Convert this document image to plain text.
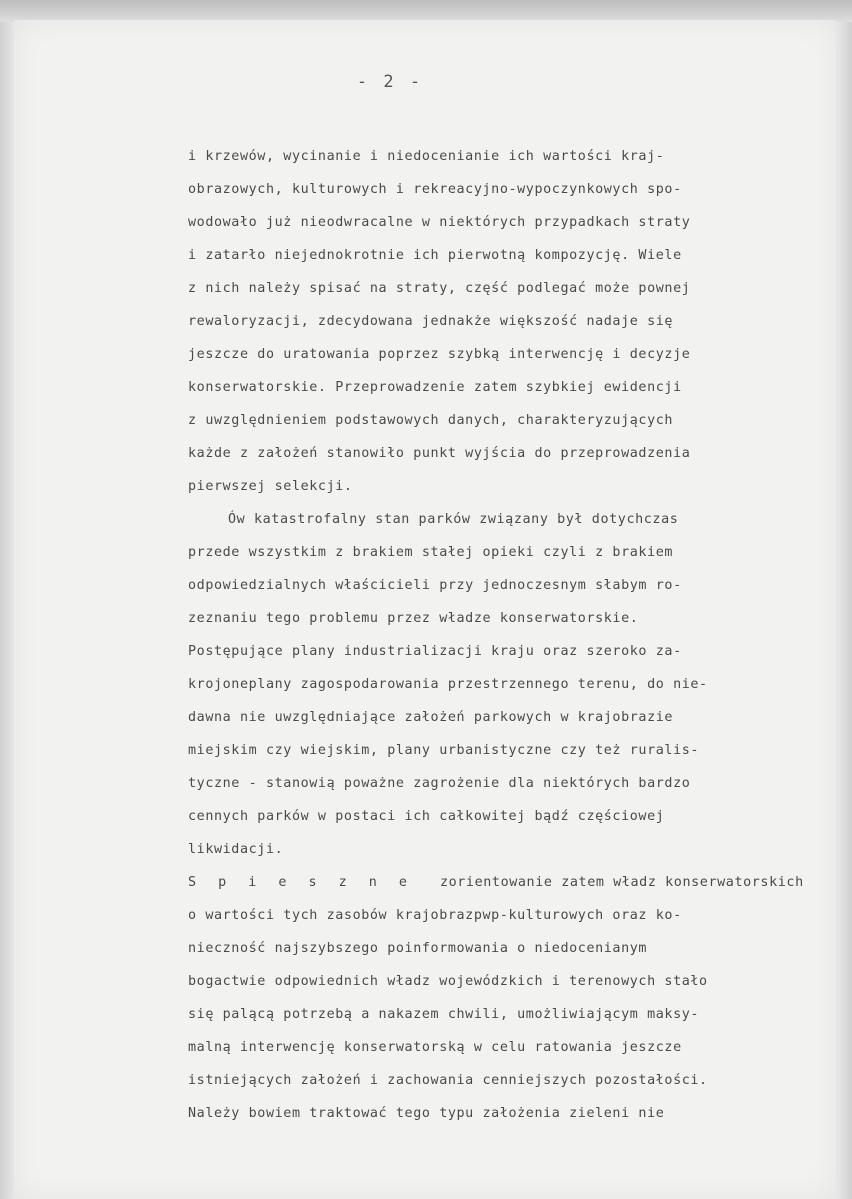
- 2 -
i krzewów, wycinanie i niedocenianie ich wartości kraj-
obrazowych, kulturowych i rekreacyjno-wypoczynkowych spo-
wodowało już nieodwracalne w niektórych przypadkach straty
i zatarło niejednokrotnie ich pierwotną kompozycję. Wiele
z nich należy spisać na straty, część podlegać może pownej
rewaloryzacji, zdecydowana jednakże większość nadaje się
jeszcze do uratowania poprzez szybką interwencję i decyzje
konserwatorskie. Przeprowadzenie zatem szybkiej ewidencji
z uwzględnieniem podstawowych danych, charakteryzujących
każde z założeń stanowiło punkt wyjścia do przeprowadzenia
pierwszej selekcji.
Ów katastrofalny stan parków związany był dotychczas
przede wszystkim z brakiem stałej opieki czyli z brakiem
odpowiedzialnych właścicieli przy jednoczesnym słabym ro-
zeznaniu tego problemu przez władze konserwatorskie.
Postępujące plany industrializacji kraju oraz szeroko za-
krojoneplany zagospodarowania przestrzennego terenu, do nie-
dawna nie uwzględniające założeń parkowych w krajobrazie
miejskim czy wiejskim, plany urbanistyczne czy też ruralis-
tyczne - stanowią poważne zagrożenie dla niektórych bardzo
cennych parków w postaci ich całkowitej bądź częściowej
likwidacji.
S p i e s z n e zorientowanie zatem władz konserwatorskich
o wartości tych zasobów krajobrazpwp-kulturowych oraz ko-
nieczność najszybszego poinformowania o niedocenianym
bogactwie odpowiednich władz wojewódzkich i terenowych stało
się palącą potrzebą a nakazem chwili, umożliwiającym maksy-
malną interwencję konserwatorską w celu ratowania jeszcze
istniejących założeń i zachowania cenniejszych pozostałości.
Należy bowiem traktować tego typu założenia zieleni nie
